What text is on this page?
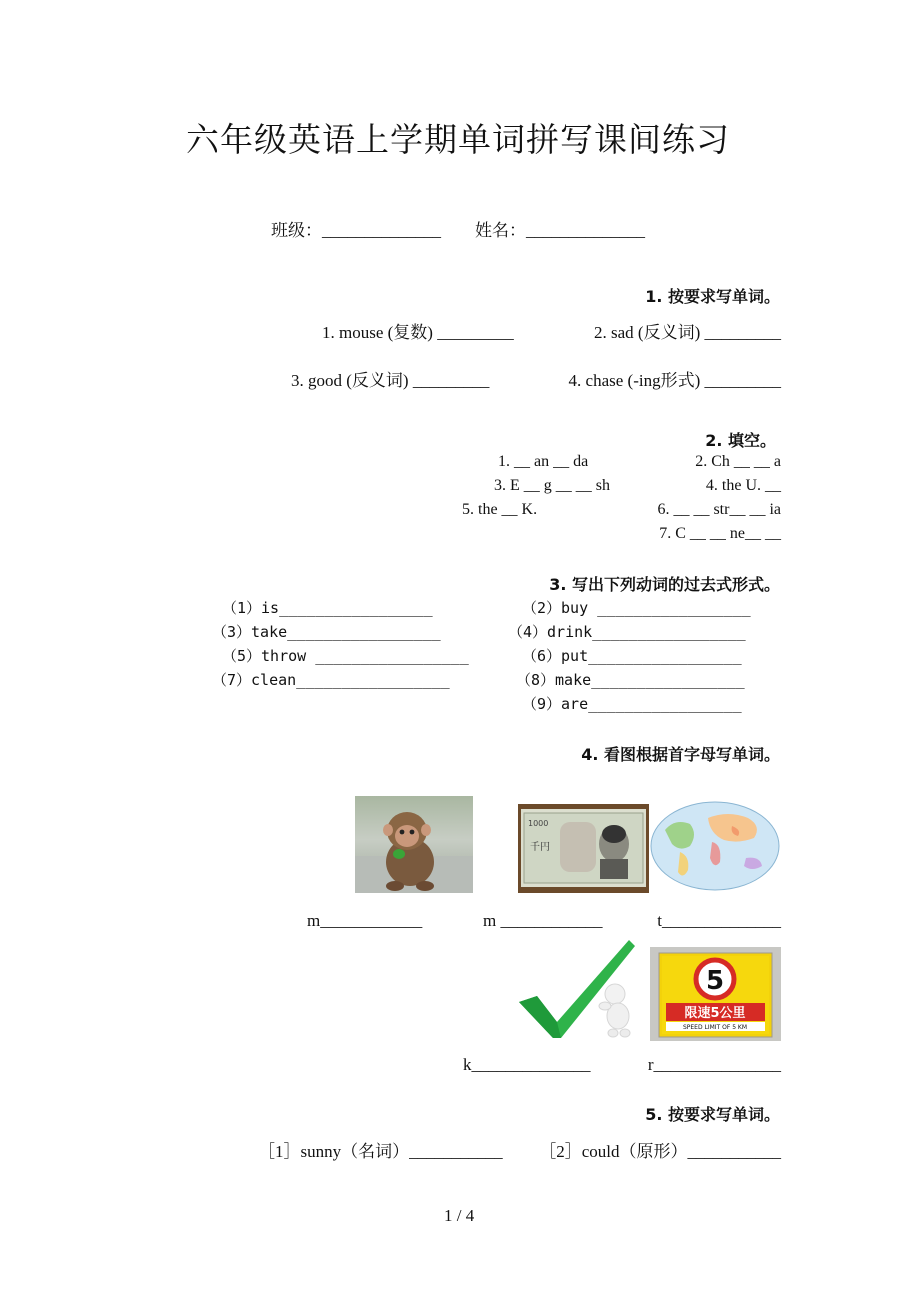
六年级英语上学期单词拼写课间练习
班级：______________ 姓名：______________
1. 按要求写单词。
1. mouse (复数) _________	2. sad (反义词) _________
3. good (反义词) _________	4. chase (-ing形式) _________
2. 填空。
1. __ an __ da	2. Ch __ __ a
3. E __ g __ __ sh	4. the U. __
5. the __ K.	6. __ __ str__ __ ia
7. C __ __ ne__ __
3. 写出下列动词的过去式形式。
（1）is_________________	（2）buy _________________
（3）take_________________	（4）drink_________________
（5）throw _________________	（6）put_________________
（7）clean_________________	（8）make_________________
（9）are_________________
4. 看图根据首字母写单词。
1000
千円
m____________	m ____________	t______________
5
限速5公里
SPEED LIMIT OF 5 KM
k______________	r_______________
5. 按要求写单词。
［1］sunny（名词）___________ ［2］could（原形）___________
1 / 4
